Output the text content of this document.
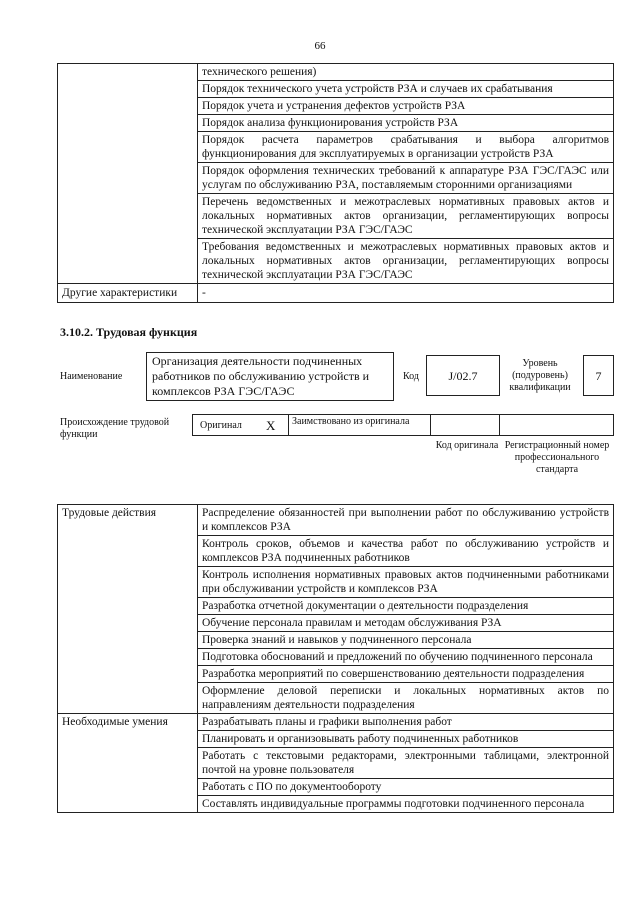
66
	технического решения)
	Порядок технического учета устройств РЗА и случаев их срабатывания
	Порядок учета и устранения дефектов устройств РЗА
	Порядок анализа функционирования устройств РЗА
	Порядок расчета параметров срабатывания и выбора алгоритмов функционирования для эксплуатируемых в организации устройств РЗА
	Порядок оформления технических требований к аппаратуре РЗА ГЭС/ГАЭС или услугам по обслуживанию РЗА, поставляемым сторонними организациями
	Перечень ведомственных и межотраслевых нормативных правовых актов и локальных нормативных актов организации, регламентирующих вопросы технической эксплуатации РЗА ГЭС/ГАЭС
	Требования ведомственных и межотраслевых нормативных правовых актов и локальных нормативных актов организации, регламентирующих вопросы технической эксплуатации РЗА ГЭС/ГАЭС
Другие характеристики	-
3.10.2. Трудовая функция
Наименование
Организация деятельности подчиненных работников по обслуживанию устройств и комплексов РЗА ГЭС/ГАЭС
Код	J/02.7
Уровень (подуровень) квалификации
7
Происхождение трудовой функции
Оригинал X	Заимствовано из оригинала
Код оригинала Регистрационный номер профессионального стандарта
Трудовые действия	Распределение обязанностей при выполнении работ по обслуживанию устройств и комплексов РЗА
	Контроль сроков, объемов и качества работ по обслуживанию устройств и комплексов РЗА подчиненных работников
	Контроль исполнения нормативных правовых актов подчиненными работниками при обслуживании устройств и комплексов РЗА
	Разработка отчетной документации о деятельности подразделения
	Обучение персонала правилам и методам обслуживания РЗА
	Проверка знаний и навыков у подчиненного персонала
	Подготовка обоснований и предложений по обучению подчиненного персонала
	Разработка мероприятий по совершенствованию деятельности подразделения
	Оформление деловой переписки и локальных нормативных актов по направлениям деятельности подразделения
Необходимые умения	Разрабатывать планы и графики выполнения работ
	Планировать и организовывать работу подчиненных работников
	Работать с текстовыми редакторами, электронными таблицами, электронной почтой на уровне пользователя
	Работать с ПО по документообороту
	Составлять индивидуальные программы подготовки подчиненного персонала
